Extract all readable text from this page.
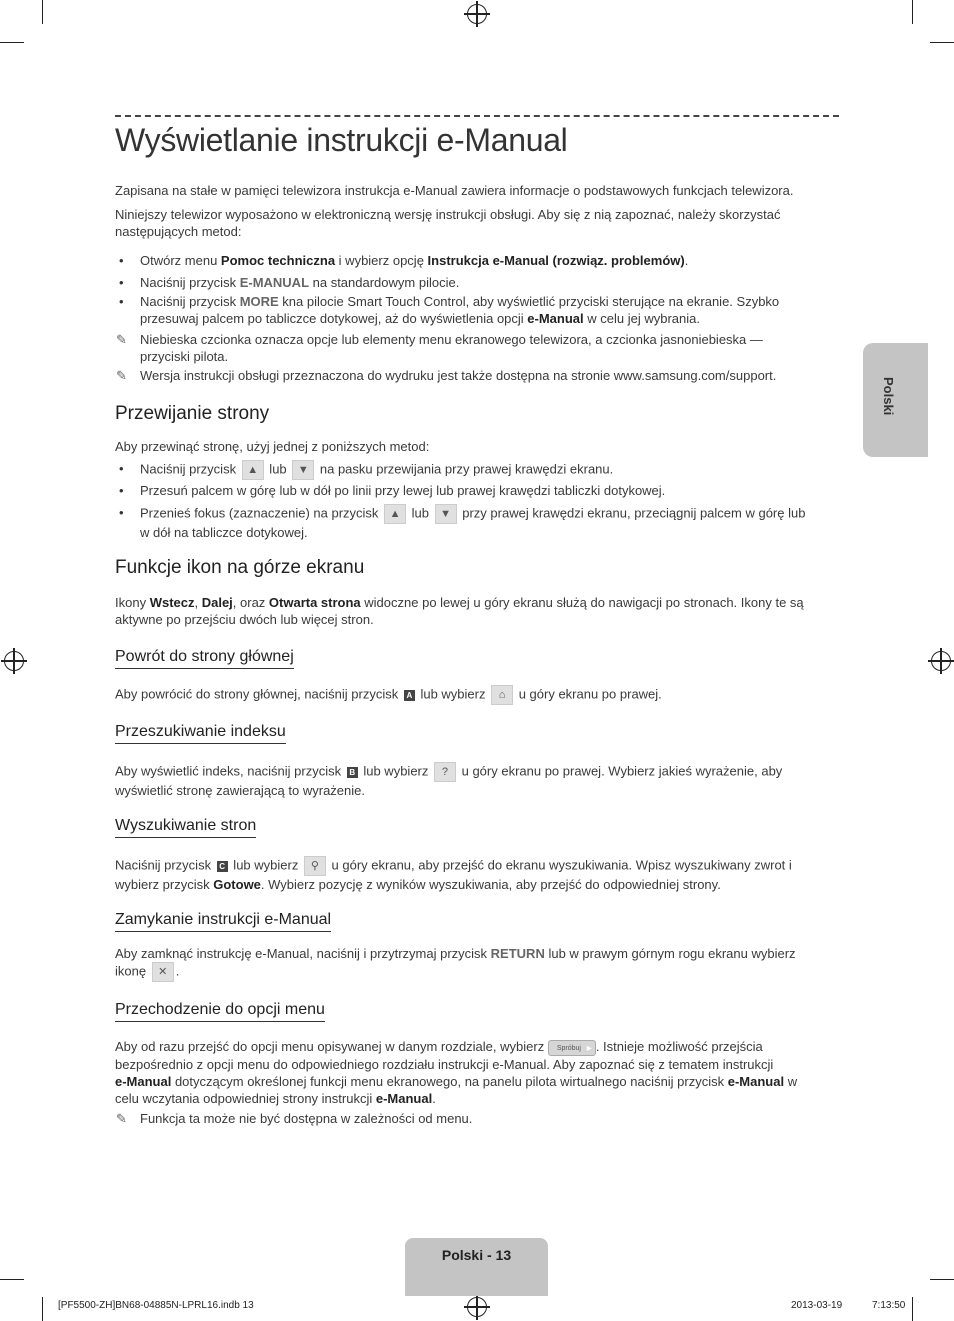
Wyświetlanie instrukcji e-Manual

Zapisana na stałe w pamięci telewizora instrukcja e-Manual zawiera informacje o podstawowych funkcjach telewizora.

Niniejszy telewizor wyposażono w elektroniczną wersję instrukcji obsługi. Aby się z nią zapoznać, należy skorzystać
następujących metod:

• Otwórz menu Pomoc techniczna i wybierz opcję Instrukcja e-Manual (rozwiąz. problemów).
• Naciśnij przycisk E-MANUAL na standardowym pilocie.
• Naciśnij przycisk MORE kna pilocie Smart Touch Control, aby wyświetlić przyciski sterujące na ekranie. Szybko
przesuwaj palcem po tabliczce dotykowej, aż do wyświetlenia opcji e-Manual w celu jej wybrania.
✎ Niebieska czcionka oznacza opcje lub elementy menu ekranowego telewizora, a czcionka jasnoniebieska —
przyciski pilota.
✎ Wersja instrukcji obsługi przeznaczona do wydruku jest także dostępna na stronie www.samsung.com/support.
Przewijanie strony

Aby przewinąć stronę, użyj jednej z poniższych metod:

• Naciśnij przycisk ▲ lub ▼ na pasku przewijania przy prawej krawędzi ekranu.
• Przesuń palcem w górę lub w dół po linii przy lewej lub prawej krawędzi tabliczki dotykowej.
• Przenieś fokus (zaznaczenie) na przycisk ▲ lub ▼ przy prawej krawędzi ekranu, przeciągnij palcem w górę lub
w dół na tabliczce dotykowej.
Funkcje ikon na górze ekranu

Ikony Wstecz, Dalej, oraz Otwarta strona widoczne po lewej u góry ekranu służą do nawigacji po stronach. Ikony te są
aktywne po przejściu dwóch lub więcej stron.

Powrót do strony głównej

Aby powrócić do strony głównej, naciśnij przycisk A lub wybierz ⌂ u góry ekranu po prawej.

Przeszukiwanie indeksu

Aby wyświetlić indeks, naciśnij przycisk B lub wybierz ? u góry ekranu po prawej. Wybierz jakieś wyrażenie, aby
wyświetlić stronę zawierającą to wyrażenie.

Wyszukiwanie stron

Naciśnij przycisk C lub wybierz ⚲ u góry ekranu, aby przejść do ekranu wyszukiwania. Wpisz wyszukiwany zwrot i
wybierz przycisk Gotowe. Wybierz pozycję z wyników wyszukiwania, aby przejść do odpowiedniej strony.

Zamykanie instrukcji e-Manual

Aby zamknąć instrukcję e-Manual, naciśnij i przytrzymaj przycisk RETURN lub w prawym górnym rogu ekranu wybierz
ikonę ✕ .

Przechodzenie do opcji menu

Aby od razu przejść do opcji menu opisywanej w danym rozdziale, wybierz Spróbuj ▸ . Istnieje możliwość przejścia
bezpośrednio z opcji menu do odpowiedniego rozdziału instrukcji e-Manual. Aby zapoznać się z tematem instrukcji
e-Manual dotyczącym określonej funkcji menu ekranowego, na panelu pilota wirtualnego naciśnij przycisk e-Manual w
celu wczytania odpowiedniej strony instrukcji e-Manual.

✎ Funkcja ta może nie być dostępna w zależności od menu.
Polski
Polski - 13
[PF5500-ZH]BN68-04885N-LPRL16.indb 13	2013-03-19	7:13:50
